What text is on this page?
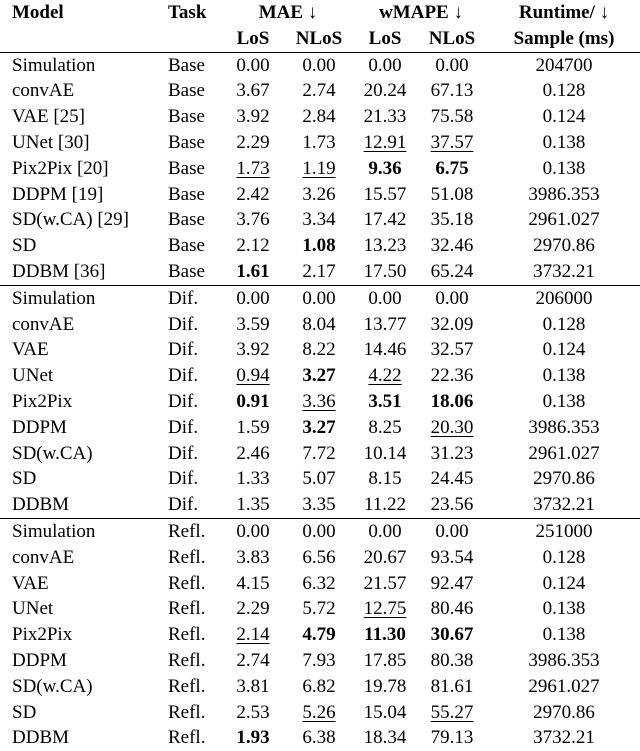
Model	Task	MAE ↓		wMAPE ↓		Runtime/ ↓
		LoS	NLoS	LoS	NLoS	Sample (ms)
Simulation	Base	0.00	0.00	0.00	0.00	204700
convAE	Base	3.67	2.74	20.24	67.13	0.128
VAE [25]	Base	3.92	2.84	21.33	75.58	0.124
UNet [30]	Base	2.29	1.73	12.91	37.57	0.138
Pix2Pix [20]	Base	1.73	1.19	9.36	6.75	0.138
DDPM [19]	Base	2.42	3.26	15.57	51.08	3986.353
SD(w.CA) [29]	Base	3.76	3.34	17.42	35.18	2961.027
SD	Base	2.12	1.08	13.23	32.46	2970.86
DDBM [36]	Base	1.61	2.17	17.50	65.24	3732.21
Simulation	Dif.	0.00	0.00	0.00	0.00	206000
convAE	Dif.	3.59	8.04	13.77	32.09	0.128
VAE	Dif.	3.92	8.22	14.46	32.57	0.124
UNet	Dif.	0.94	3.27	4.22	22.36	0.138
Pix2Pix	Dif.	0.91	3.36	3.51	18.06	0.138
DDPM	Dif.	1.59	3.27	8.25	20.30	3986.353
SD(w.CA)	Dif.	2.46	7.72	10.14	31.23	2961.027
SD	Dif.	1.33	5.07	8.15	24.45	2970.86
DDBM	Dif.	1.35	3.35	11.22	23.56	3732.21
Simulation	Refl.	0.00	0.00	0.00	0.00	251000
convAE	Refl.	3.83	6.56	20.67	93.54	0.128
VAE	Refl.	4.15	6.32	21.57	92.47	0.124
UNet	Refl.	2.29	5.72	12.75	80.46	0.138
Pix2Pix	Refl.	2.14	4.79	11.30	30.67	0.138
DDPM	Refl.	2.74	7.93	17.85	80.38	3986.353
SD(w.CA)	Refl.	3.81	6.82	19.78	81.61	2961.027
SD	Refl.	2.53	5.26	15.04	55.27	2970.86
DDBM	Refl.	1.93	6.38	18.34	79.13	3732.21
